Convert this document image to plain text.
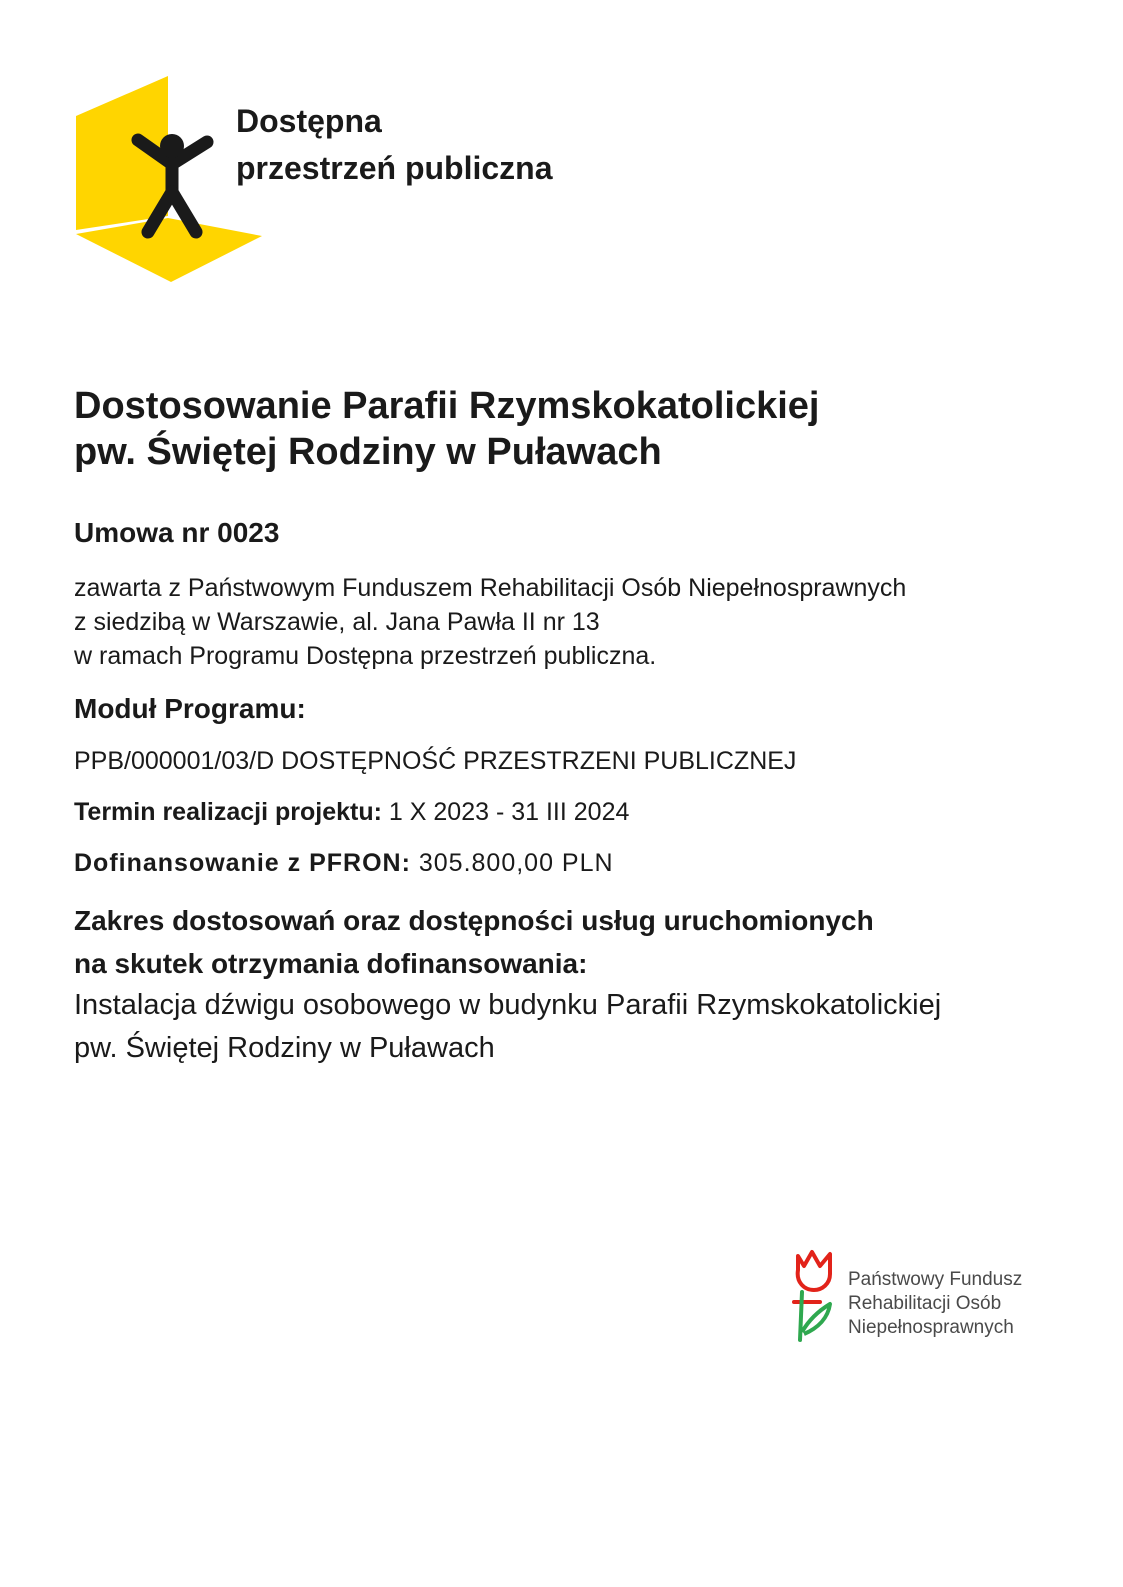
Dostępna
przestrzeń publiczna
Dostosowanie Parafii Rzymskokatolickiej
pw. Świętej Rodziny w Puławach
Umowa nr 0023
zawarta z Państwowym Funduszem Rehabilitacji Osób Niepełnosprawnych
z siedzibą w Warszawie, al. Jana Pawła II nr 13
w ramach Programu Dostępna przestrzeń publiczna.
Moduł Programu:
PPB/000001/03/D DOSTĘPNOŚĆ PRZESTRZENI PUBLICZNEJ
Termin realizacji projektu: 1 X 2023 - 31 III 2024
Dofinansowanie z PFRON: 305.800,00 PLN
Zakres dostosowań oraz dostępności usług uruchomionych
na skutek otrzymania dofinansowania:
Instalacja dźwigu osobowego w budynku Parafii Rzymskokatolickiej
pw. Świętej Rodziny w Puławach
Państwowy Fundusz
Rehabilitacji Osób
Niepełnosprawnych
